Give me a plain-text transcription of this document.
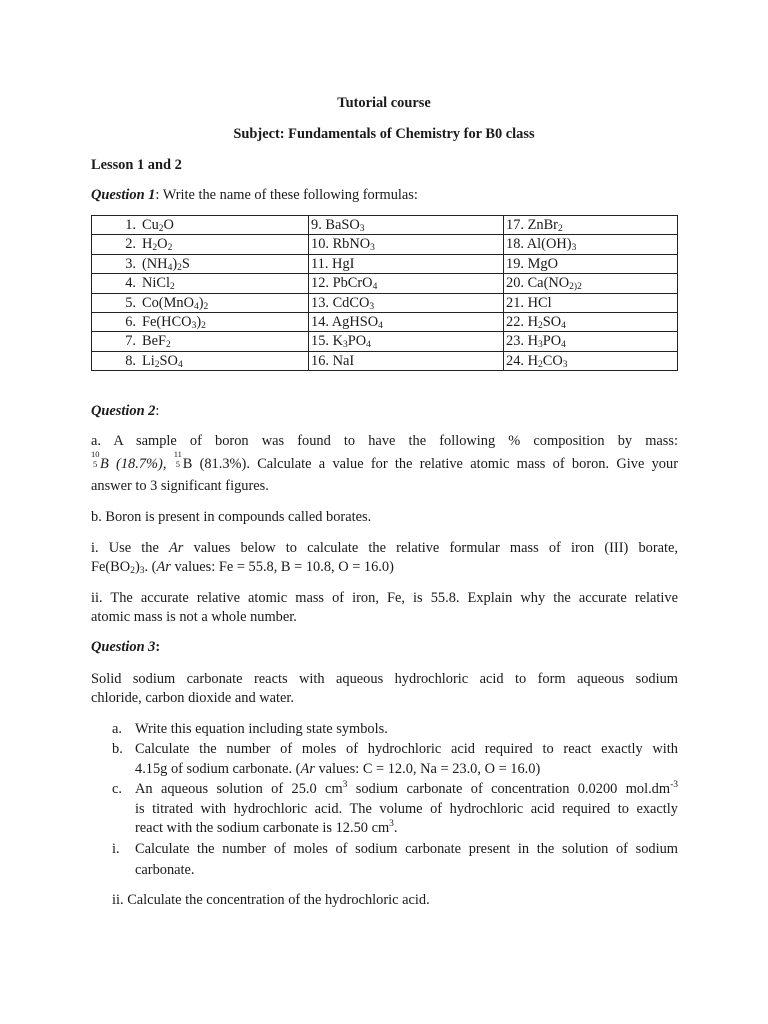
Tutorial course
Subject: Fundamentals of Chemistry for B0 class
Lesson 1 and 2
Question 1: Write the name of these following formulas:
1. $Cu_2O$	9. BaSO$_3$	17. ZnBr$_2$
2. $H_2O_2$	10. RbNO$_3$	18. $Al(OH)_3$
3. $(NH_4)_2S$	11. HgI	19. MgO
4. NiCl$_2$	12. PbCrO$_4$	20. $Ca(NO_{2)2}$
5. $Co(MnO_4)_2$	13. CdCO$_3$	21. HCl
6. $Fe(HCO_3)_2$	14. AgHSO$_4$	22. $H_2SO_4$
7. BeF$_2$	15. $K_3PO_4$	23. $H_3PO_4$
8. $Li_2SO_4$	16. NaI	24. $H_2CO_3$
Question 2:
a. A sample of boron was found to have the following % composition by mass:
10
5 B (18.7%),
11
5 B (81.3%). Calculate a value for the relative atomic mass of boron. Give your
answer to 3 significant figures.
b. Boron is present in compounds called borates.
i. Use the Ar values below to calculate the relative formular mass of iron (III) borate,
$Fe(BO_2)_3$. (Ar values: Fe = 55.8, B = 10.8, O = 16.0)
ii. The accurate relative atomic mass of iron, Fe, is 55.8. Explain why the accurate relative
atomic mass is not a whole number.
Question 3:
Solid sodium carbonate reacts with aqueous hydrochloric acid to form aqueous sodium
chloride, carbon dioxide and water.
a. Write this equation including state symbols.
b. Calculate the number of moles of hydrochloric acid required to react exactly with
4.15g of sodium carbonate. (Ar values: C = 12.0, Na = 23.0, O = 16.0)
c. An aqueous solution of 25.0 $cm^3$ sodium carbonate of concentration 0.0200 $mol.dm^{-3}$
is titrated with hydrochloric acid. The volume of hydrochloric acid required to exactly
react with the sodium carbonate is 12.50 $cm^3$.
i.	Calculate the number of moles of sodium carbonate present in the solution of sodium
carbonate.
ii. Calculate the concentration of the hydrochloric acid.
